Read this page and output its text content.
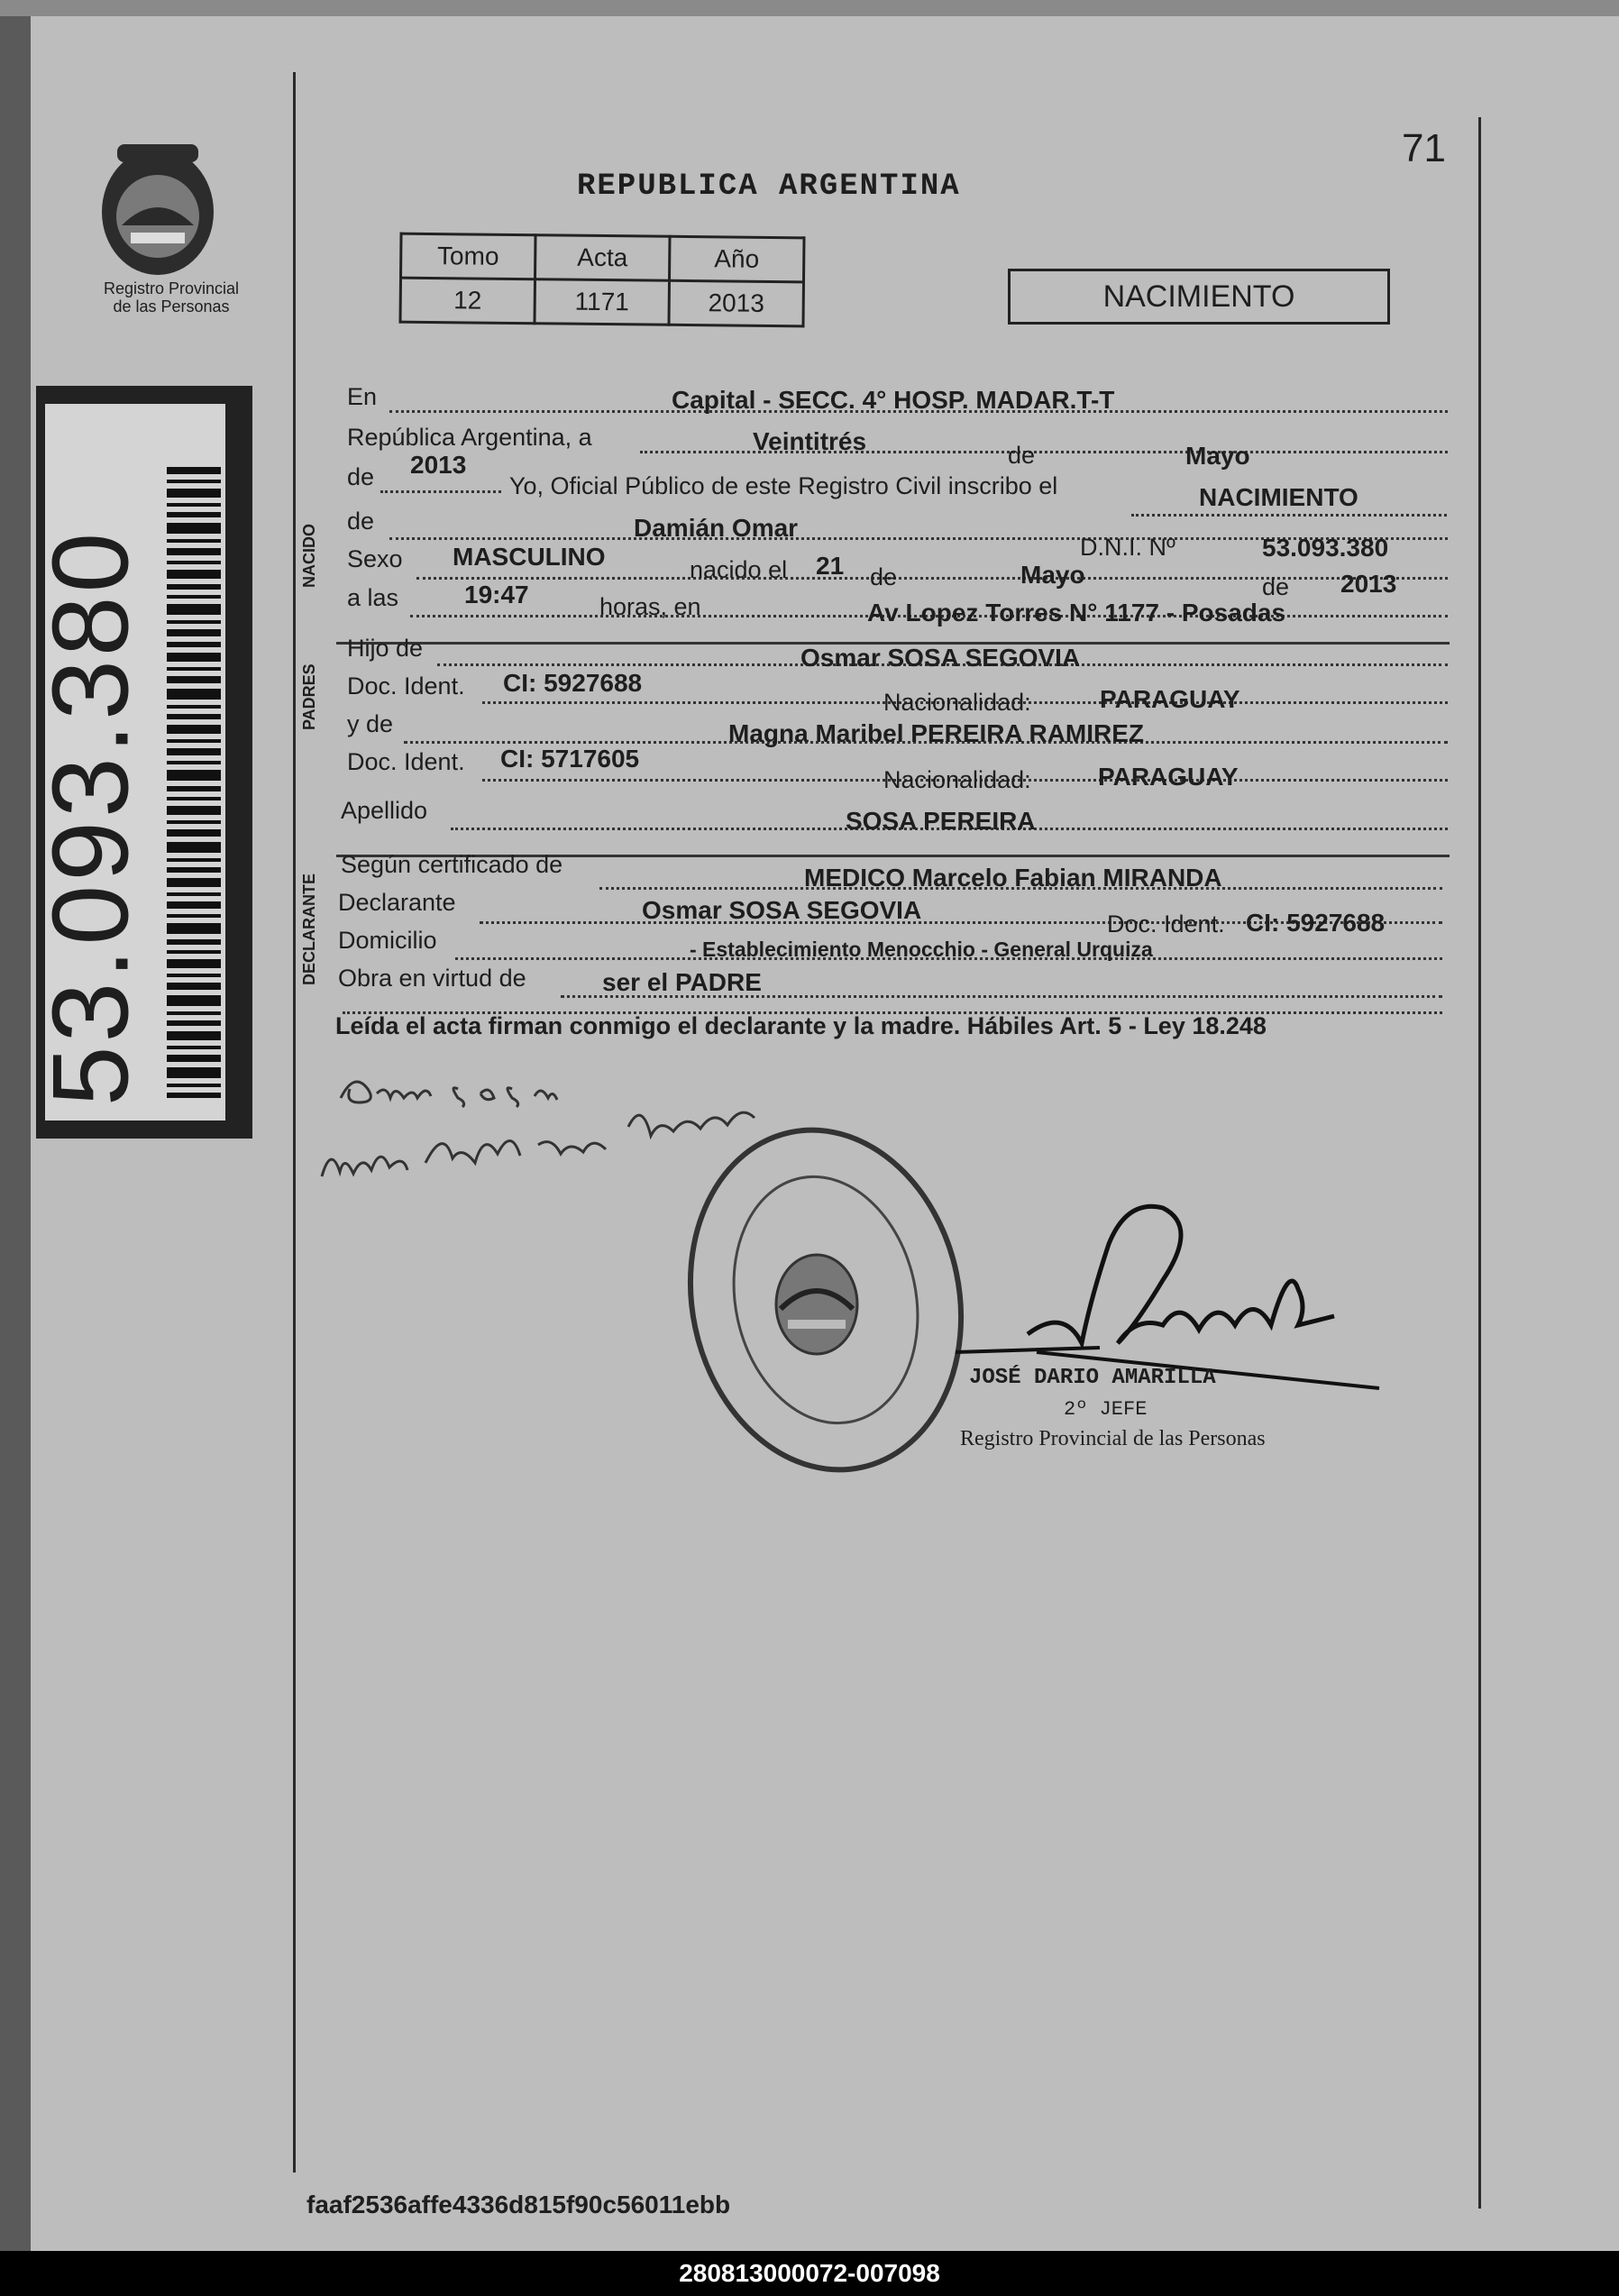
Registro Provincial
de las Personas
53.093.380
71
REPUBLICA ARGENTINA
Tomo	Acta	Año
12	1171	2013	NACIMIENTO
NACIDO
PADRES
DECLARANTE
En	Capital - SECC. 4° HOSP. MADAR.T-T
República Argentina, a	Veintitrés	de	Mayo
de 2013
Yo, Oficial Público de este Registro Civil inscribo el	NACIMIENTO
de	Damián Omar
D.N.I. Nº	53.093.380
Sexo MASCULINO	nacido el 21 de	Mayo	de 2013
a las	19:47	horas, en	Av Lopez Torres N° 1177 - Posadas
Hijo de	Osmar SOSA SEGOVIA
Doc. Ident. CI: 5927688
Nacionalidad:	PARAGUAY
y de	Magna Maribel PEREIRA RAMIREZ
Doc. Ident. CI: 5717605
Nacionalidad:	PARAGUAY
Apellido	SOSA PEREIRA
Según certificado de	MEDICO Marcelo Fabian MIRANDA
Declarante	Osmar SOSA SEGOVIA	Doc. Ident. CI: 5927688
Domicilio	- Establecimiento Menocchio - General Urquiza
Obra en virtud de	ser el PADRE
Leída el acta firman conmigo el declarante y la madre. Hábiles Art. 5 - Ley 18.248
JOSÉ DARIO AMARILLA
2º JEFE
Registro Provincial de las Personas
faaf2536affe4336d815f90c56011ebb
280813000072-007098
